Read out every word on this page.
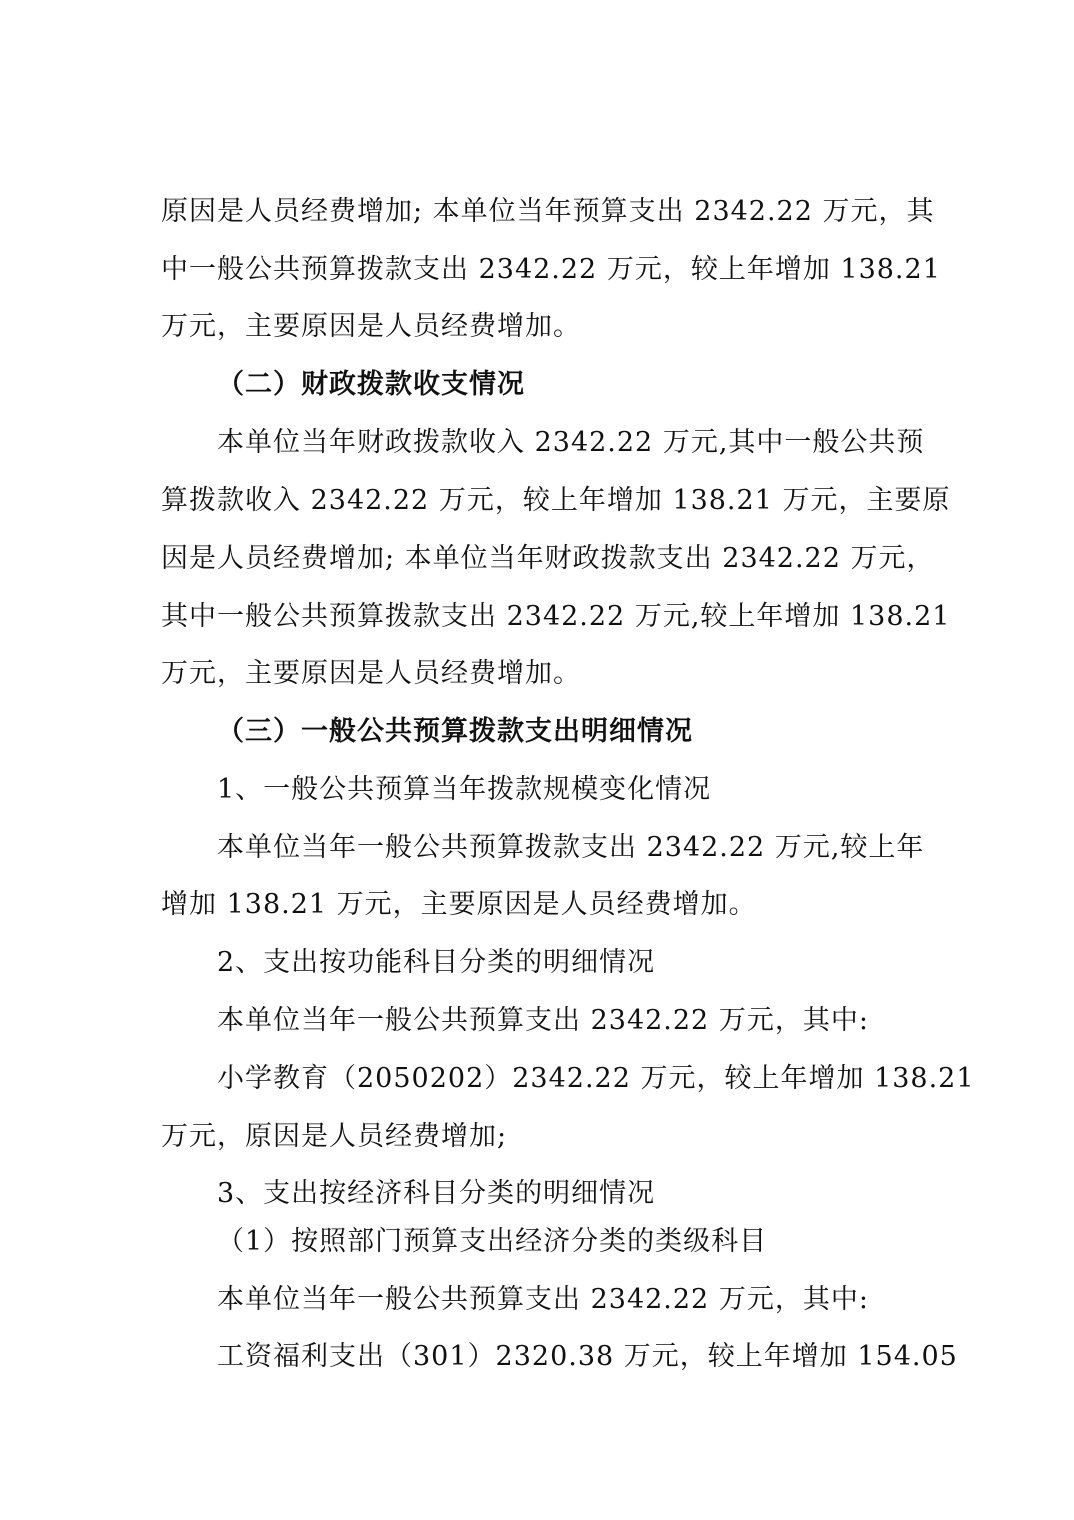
原因是人员经费增加; 本单位当年预算支出 2342.22 万元，其
中一般公共预算拨款支出 2342.22 万元，较上年增加 138.21
万元，主要原因是人员经费增加。
（二）财政拨款收支情况
本单位当年财政拨款收入 2342.22 万元,其中一般公共预
算拨款收入 2342.22 万元，较上年增加 138.21 万元，主要原
因是人员经费增加; 本单位当年财政拨款支出 2342.22 万元，
其中一般公共预算拨款支出 2342.22 万元,较上年增加 138.21
万元，主要原因是人员经费增加。
（三）一般公共预算拨款支出明细情况
1、一般公共预算当年拨款规模变化情况
本单位当年一般公共预算拨款支出 2342.22 万元,较上年
增加 138.21 万元，主要原因是人员经费增加。
2、支出按功能科目分类的明细情况
本单位当年一般公共预算支出 2342.22 万元，其中:
小学教育（2050202）2342.22 万元，较上年增加 138.21
万元，原因是人员经费增加;
3、支出按经济科目分类的明细情况
（1）按照部门预算支出经济分类的类级科目
本单位当年一般公共预算支出 2342.22 万元，其中:
工资福利支出（301）2320.38 万元，较上年增加 154.05
